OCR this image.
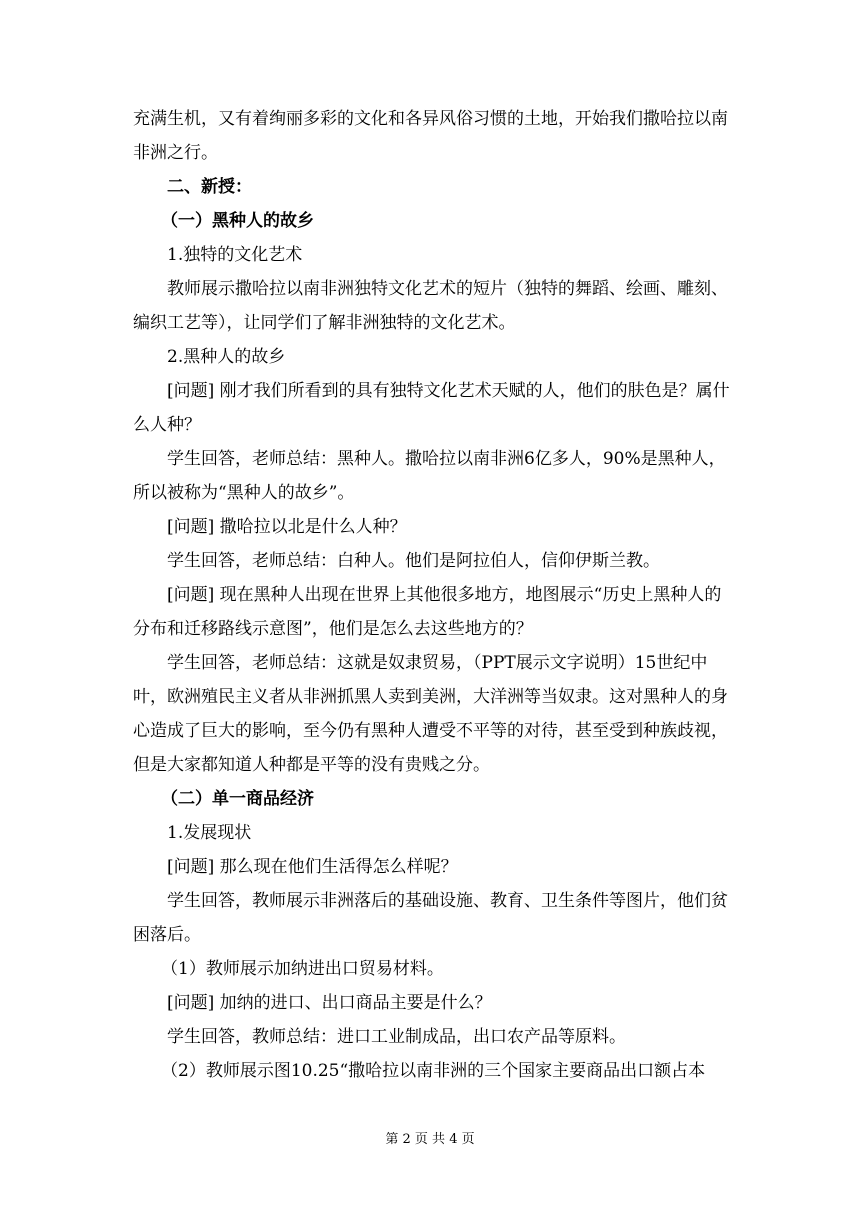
充满生机，又有着绚丽多彩的文化和各异风俗习惯的土地，开始我们撒哈拉以南非洲之行。

二、新授：

（一）黑种人的故乡

1.独特的文化艺术

教师展示撒哈拉以南非洲独特文化艺术的短片（独特的舞蹈、绘画、雕刻、编织工艺等），让同学们了解非洲独特的文化艺术。

2.黑种人的故乡

[问题] 刚才我们所看到的具有独特文化艺术天赋的人，他们的肤色是？属什么人种？

学生回答，老师总结：黑种人。撒哈拉以南非洲6亿多人，90%是黑种人，所以被称为“黑种人的故乡”。

[问题] 撒哈拉以北是什么人种？

学生回答，老师总结：白种人。他们是阿拉伯人，信仰伊斯兰教。

[问题] 现在黑种人出现在世界上其他很多地方，地图展示“历史上黑种人的分布和迁移路线示意图”，他们是怎么去这些地方的？

学生回答，老师总结：这就是奴隶贸易，（PPT展示文字说明）15世纪中叶，欧洲殖民主义者从非洲抓黑人卖到美洲，大洋洲等当奴隶。这对黑种人的身心造成了巨大的影响，至今仍有黑种人遭受不平等的对待，甚至受到种族歧视，但是大家都知道人种都是平等的没有贵贱之分。

（二）单一商品经济

1.发展现状

[问题] 那么现在他们生活得怎么样呢？

学生回答，教师展示非洲落后的基础设施、教育、卫生条件等图片，他们贫困落后。

（1）教师展示加纳进出口贸易材料。

[问题] 加纳的进口、出口商品主要是什么？

学生回答，教师总结：进口工业制成品，出口农产品等原料。

（2）教师展示图10.25“撒哈拉以南非洲的三个国家主要商品出口额占本

第 2 页 共 4 页
